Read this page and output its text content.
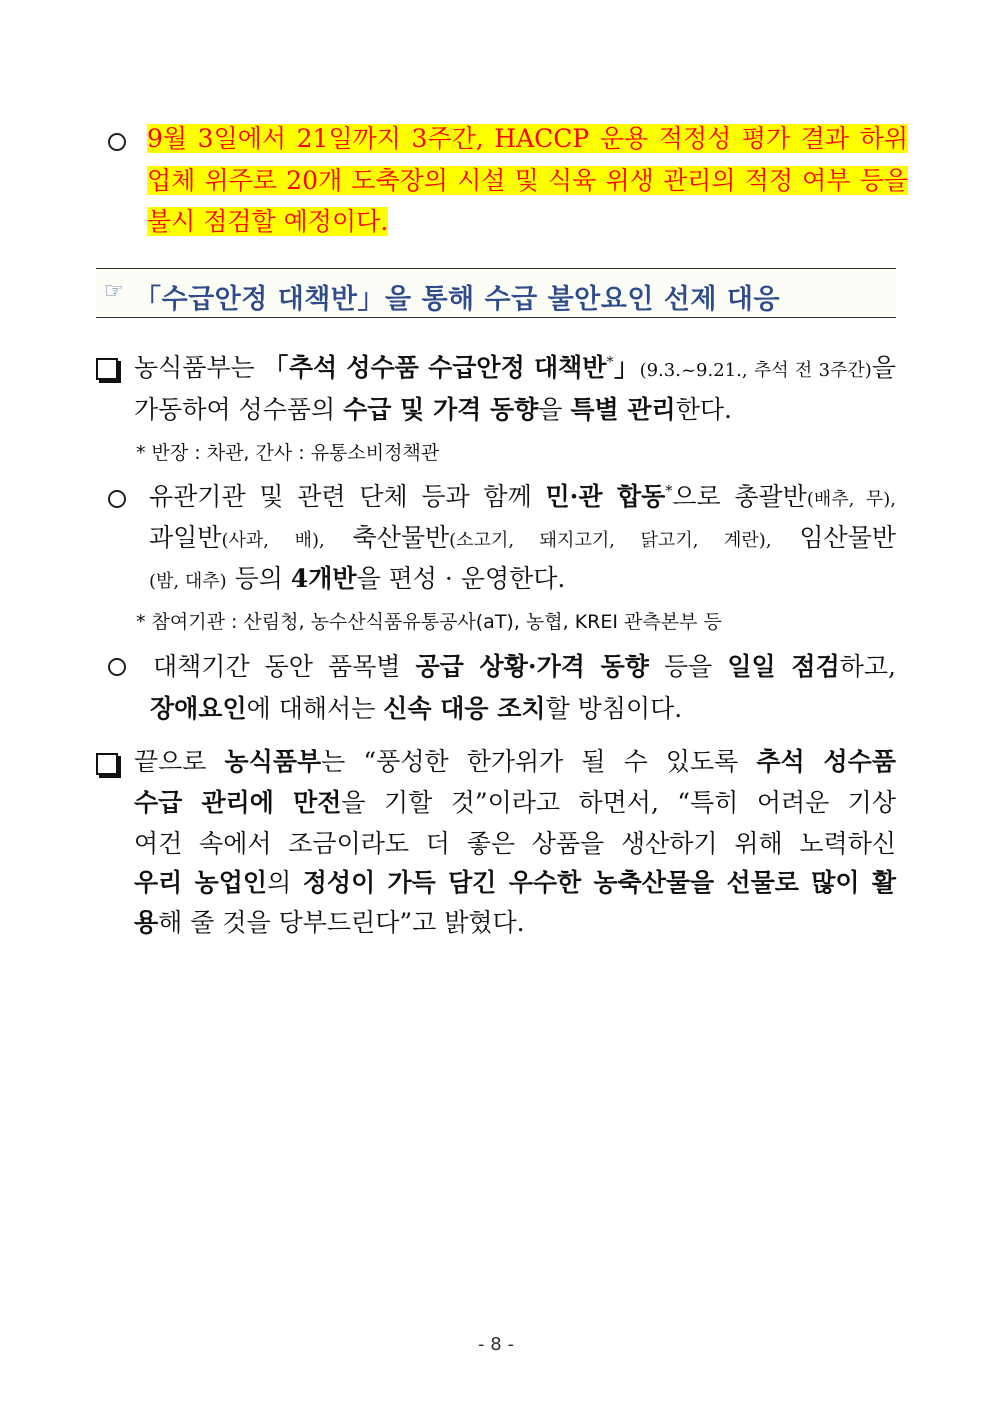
9월 3일에서 21일까지 3주간, HACCP 운용 적정성 평가 결과 하위
업체 위주로 20개 도축장의 시설 및 식육 위생 관리의 적정 여부 등을
불시 점검할 예정이다.
☞ 「수급안정 대책반」을 통해 수급 불안요인 선제 대응
농식품부는 「추석 성수품 수급안정 대책반*」(9.3.~9.21., 추석 전 3주간)을
가동하여 성수품의 수급 및 가격 동향을 특별 관리한다.
* 반장 : 차관, 간사 : 유통소비정책관
유관기관 및 관련 단체 등과 함께 민·관 합동*으로 총괄반(배추, 무),
과일반(사과, 배), 축산물반(소고기, 돼지고기, 닭고기, 계란), 임산물반
(밤, 대추) 등의 4개반을 편성 · 운영한다.
* 참여기관 : 산림청, 농수산식품유통공사(aT), 농협, KREI 관측본부 등
대책기간 동안 품목별 공급 상황·가격 동향 등을 일일 점검하고,
장애요인에 대해서는 신속 대응 조치할 방침이다.
끝으로 농식품부는 “풍성한 한가위가 될 수 있도록 추석 성수품
수급 관리에 만전을 기할 것”이라고 하면서, “특히 어려운 기상
여건 속에서 조금이라도 더 좋은 상품을 생산하기 위해 노력하신
우리 농업인의 정성이 가득 담긴 우수한 농축산물을 선물로 많이 활
용해 줄 것을 당부드린다”고 밝혔다.
- 8 -
